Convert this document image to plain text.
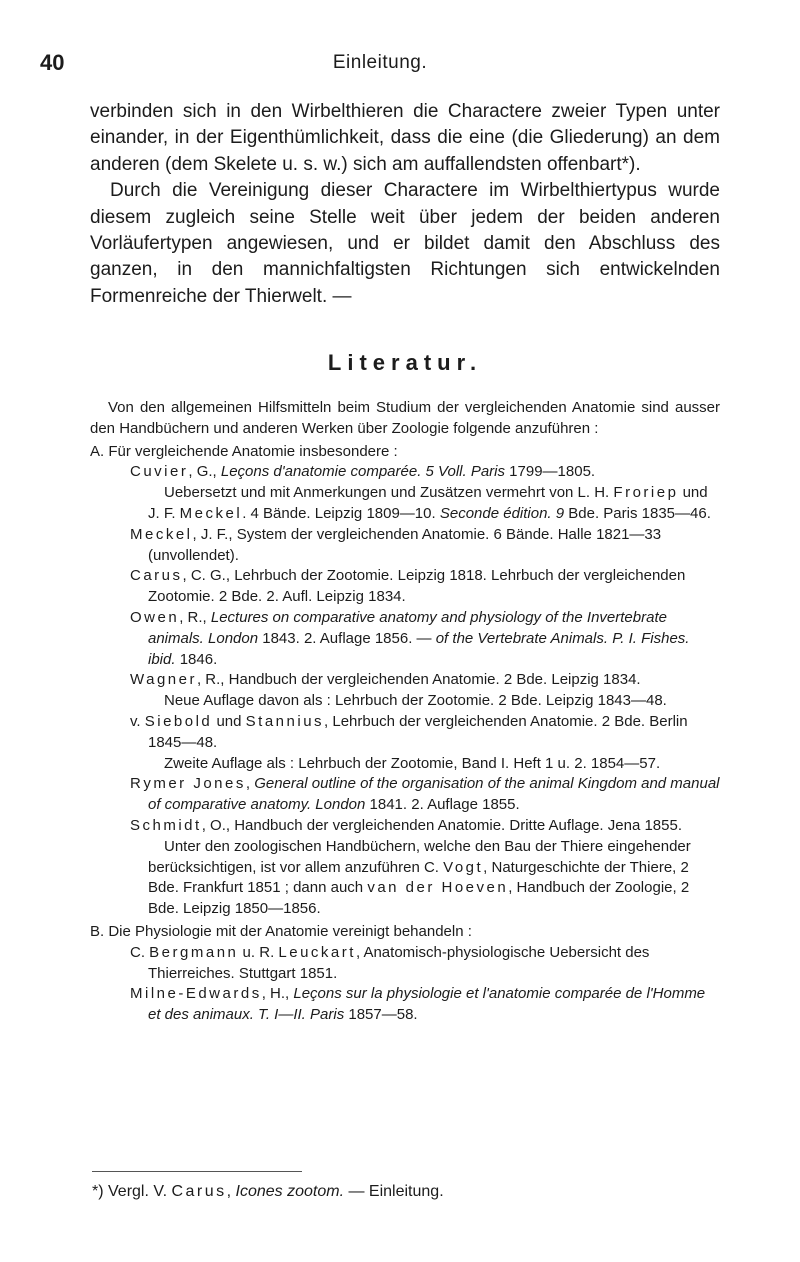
40	Einleitung.

verbinden sich in den Wirbelthieren die Charactere zweier Typen unter einander, in der Eigenthümlichkeit, dass die eine (die Gliederung) an dem anderen (dem Skelete u. s. w.) sich am auffallendsten offenbart*).

Durch die Vereinigung dieser Charactere im Wirbelthiertypus wurde diesem zugleich seine Stelle weit über jedem der beiden anderen Vorläufertypen angewiesen, und er bildet damit den Abschluss des ganzen, in den mannichfaltigsten Richtungen sich entwickelnden Formenreiche der Thierwelt. —

Literatur.

Von den allgemeinen Hilfsmitteln beim Studium der vergleichenden Anatomie sind ausser den Handbüchern und anderen Werken über Zoologie folgende anzuführen :

A. Für vergleichende Anatomie insbesondere :

Cuvier, G., Leçons d'anatomie comparée. 5 Voll. Paris 1799—1805.

Uebersetzt und mit Anmerkungen und Zusätzen vermehrt von L. H. Froriep und J. F. Meckel. 4 Bände. Leipzig 1809—10. Seconde édition. 9 Bde. Paris 1835—46.

Meckel, J. F., System der vergleichenden Anatomie. 6 Bände. Halle 1821—33 (unvollendet).

Carus, C. G., Lehrbuch der Zootomie. Leipzig 1818. Lehrbuch der vergleichenden Zootomie. 2 Bde. 2. Aufl. Leipzig 1834.

Owen, R., Lectures on comparative anatomy and physiology of the Invertebrate animals. London 1843. 2. Auflage 1856. — of the Vertebrate Animals. P. I. Fishes. ibid. 1846.

Wagner, R., Handbuch der vergleichenden Anatomie. 2 Bde. Leipzig 1834.

Neue Auflage davon als : Lehrbuch der Zootomie. 2 Bde. Leipzig 1843—48.

v. Siebold und Stannius, Lehrbuch der vergleichenden Anatomie. 2 Bde. Berlin 1845—48.

Zweite Auflage als : Lehrbuch der Zootomie, Band I. Heft 1 u. 2. 1854—57.

Rymer Jones, General outline of the organisation of the animal Kingdom and manual of comparative anatomy. London 1841. 2. Auflage 1855.

Schmidt, O., Handbuch der vergleichenden Anatomie. Dritte Auflage. Jena 1855.

Unter den zoologischen Handbüchern, welche den Bau der Thiere eingehender berücksichtigen, ist vor allem anzuführen C. Vogt, Naturgeschichte der Thiere, 2 Bde. Frankfurt 1851 ; dann auch van der Hoeven, Handbuch der Zoologie, 2 Bde. Leipzig 1850—1856.

B. Die Physiologie mit der Anatomie vereinigt behandeln :

C. Bergmann u. R. Leuckart, Anatomisch-physiologische Uebersicht des Thierreiches. Stuttgart 1851.

Milne-Edwards, H., Leçons sur la physiologie et l'anatomie comparée de l'Homme et des animaux. T. I—II. Paris 1857—58.

*) Vergl. V. Carus, Icones zootom. — Einleitung.
